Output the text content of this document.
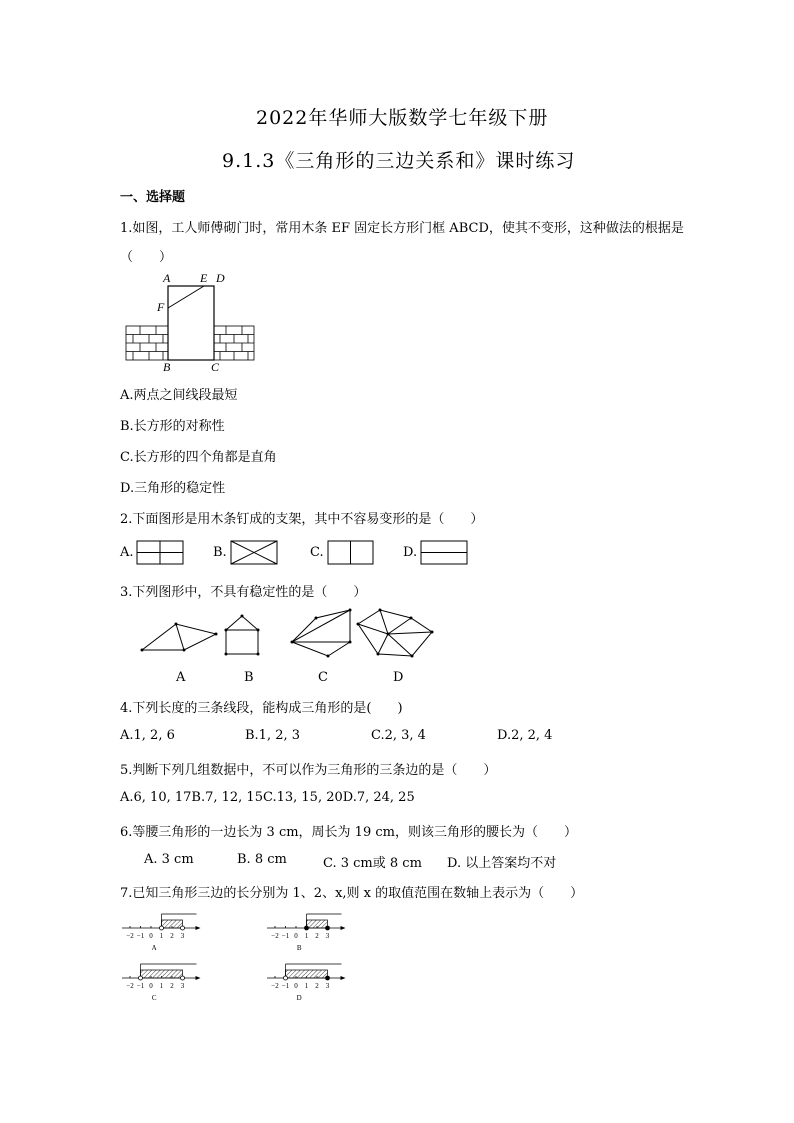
2022年华师大版数学七年级下册
9.1.3《三角形的三边关系和》课时练习
一、选择题
1.如图，工人师傅砌门时，常用木条 EF 固定长方形门框 ABCD，使其不变形，这种做法的根据是
（　　）
A E D
F
B	C
A.两点之间线段最短
B.长方形的对称性
C.长方形的四个角都是直角
D.三角形的稳定性
2.下面图形是用木条钉成的支架，其中不容易变形的是（　　）
A.	B.	C.	D.
3.下列图形中，不具有稳定性的是（　　）
A	B	C	D
4.下列长度的三条线段，能构成三角形的是(　　)
A.1, 2, 6	B.1, 2, 3	C.2, 3, 4	D.2, 2, 4
5.判断下列几组数据中，不可以作为三角形的三条边的是（　　）
A.6, 10, 17B.7, 12, 15C.13, 15, 20D.7, 24, 25
6.等腰三角形的一边长为 3 cm，周长为 19 cm，则该三角形的腰长为（　　）
A. 3 cm	B. 8 cm	C. 3 cm或 8 cm D. 以上答案均不对
7.已知三角形三边的长分别为 1、2、x,则 x 的取值范围在数轴上表示为（　　）
−2 −1 0 1 2 3
A
−2 −1 0 1 2 3
B
−2 −1 0 1 2 3
C
−2 −1 0 1 2 3
D
